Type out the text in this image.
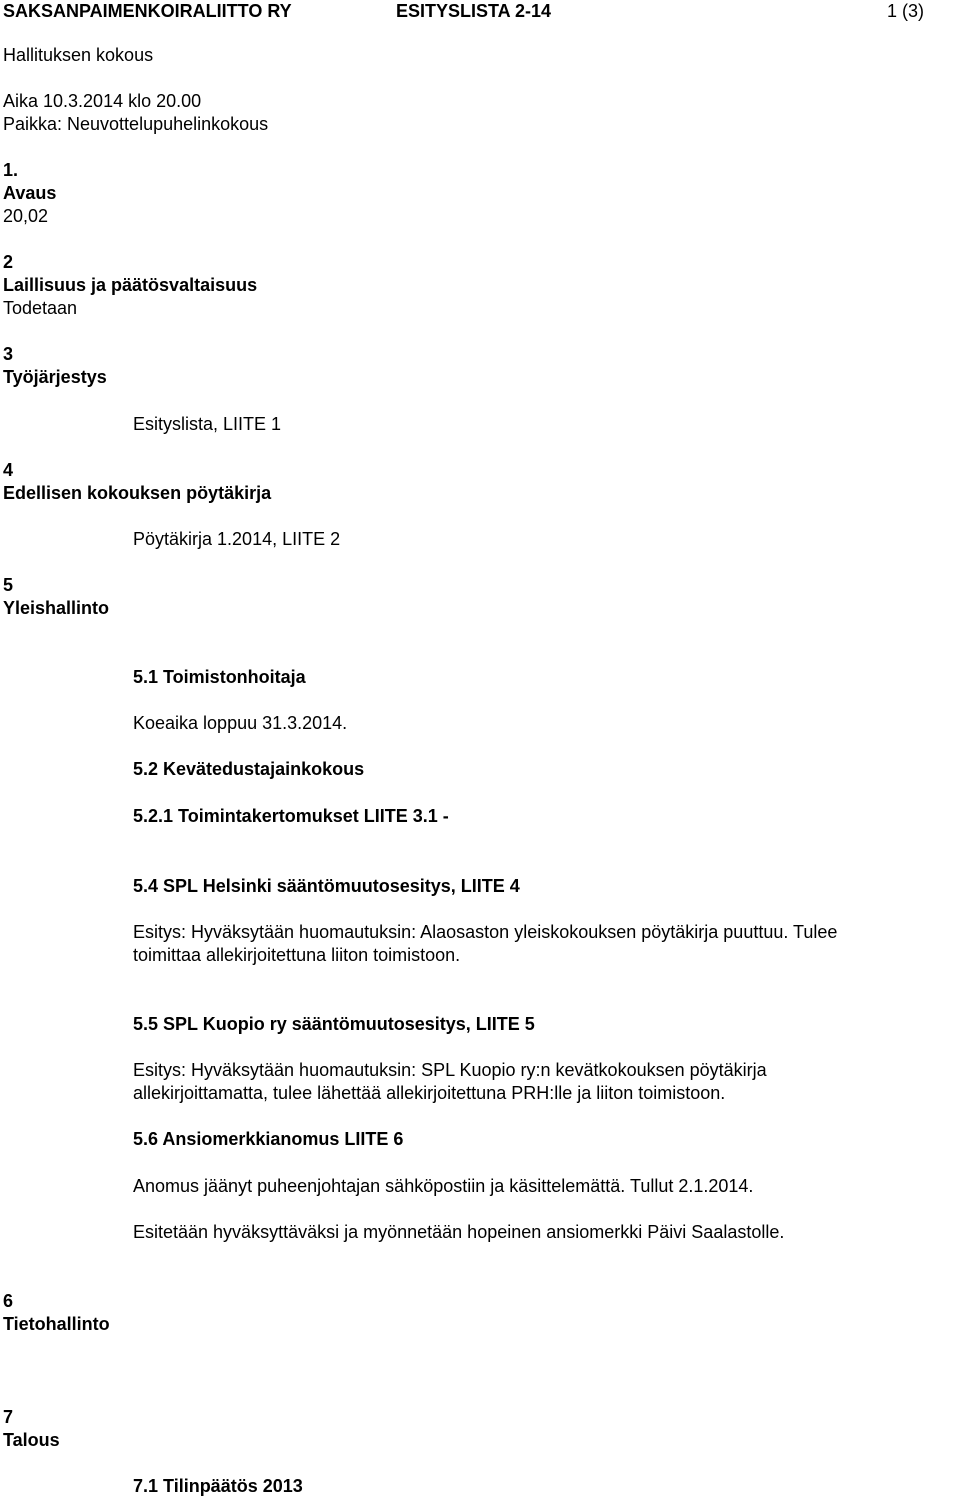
SAKSANPAIMENKOIRALIITTO RY	ESITYSLISTA 2-14	1 (3)
Hallituksen kokous
Aika 10.3.2014 klo 20.00
Paikka: Neuvottelupuhelinkokous
1.
Avaus
20,02
2
Laillisuus ja päätösvaltaisuus
Todetaan
3
Työjärjestys
Esityslista, LIITE 1
4
Edellisen kokouksen pöytäkirja
Pöytäkirja 1.2014, LIITE 2
5
Yleishallinto
5.1 Toimistonhoitaja
Koeaika loppuu 31.3.2014.
5.2 Kevätedustajainkokous
5.2.1 Toimintakertomukset LIITE 3.1 -
5.4 SPL Helsinki sääntömuutosesitys, LIITE 4
Esitys: Hyväksytään huomautuksin: Alaosaston yleiskokouksen pöytäkirja puuttuu. Tulee
toimittaa allekirjoitettuna liiton toimistoon.
5.5 SPL Kuopio ry sääntömuutosesitys, LIITE 5
Esitys: Hyväksytään huomautuksin: SPL Kuopio ry:n kevätkokouksen pöytäkirja
allekirjoittamatta, tulee lähettää allekirjoitettuna PRH:lle ja liiton toimistoon.
5.6 Ansiomerkkianomus LIITE 6
Anomus jäänyt puheenjohtajan sähköpostiin ja käsittelemättä. Tullut 2.1.2014.
Esitetään hyväksyttäväksi ja myönnetään hopeinen ansiomerkki Päivi Saalastolle.
6
Tietohallinto
7
Talous
7.1 Tilinpäätös 2013
